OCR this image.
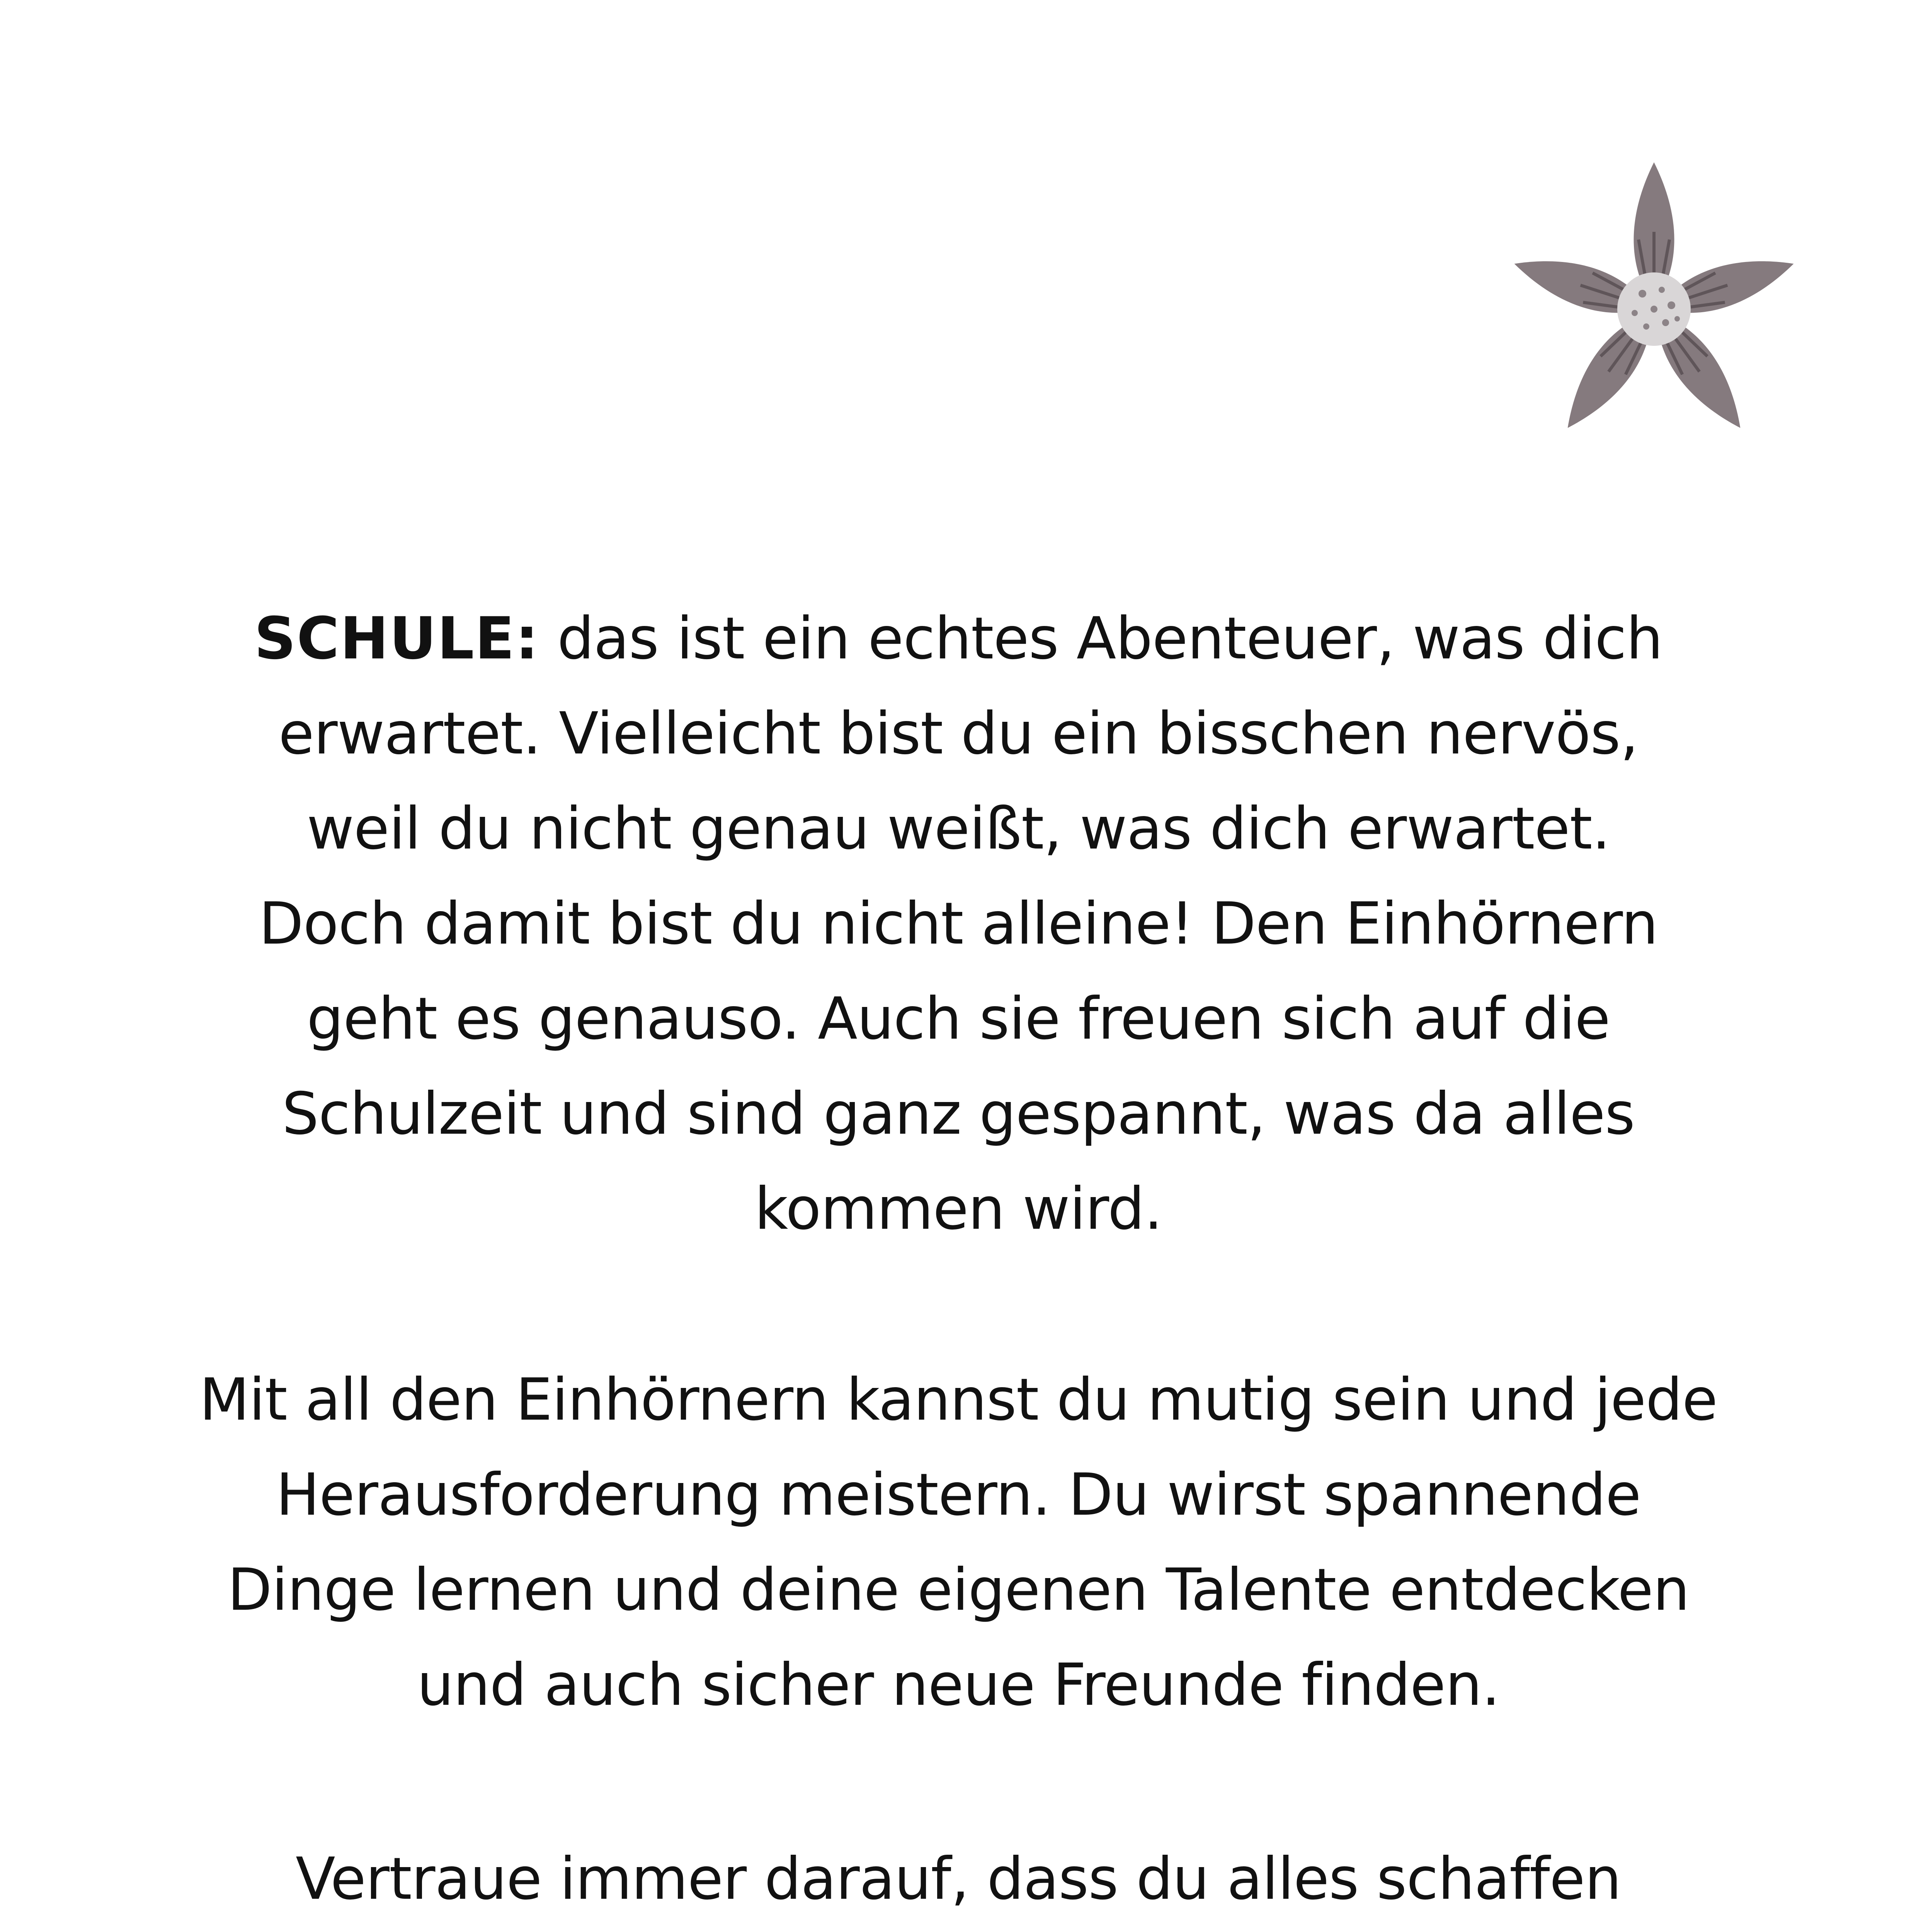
SCHULE: das ist ein echtes Abenteuer, was dich
erwartet. Vielleicht bist du ein bisschen nervös,
weil du nicht genau weißt, was dich erwartet.
Doch damit bist du nicht alleine! Den Einhörnern
geht es genauso. Auch sie freuen sich auf die
Schulzeit und sind ganz gespannt, was da alles
kommen wird.
Mit all den Einhörnern kannst du mutig sein und jede
Herausforderung meistern. Du wirst spannende
Dinge lernen und deine eigenen Talente entdecken
und auch sicher neue Freunde finden.
Vertraue immer darauf, dass du alles schaffen
